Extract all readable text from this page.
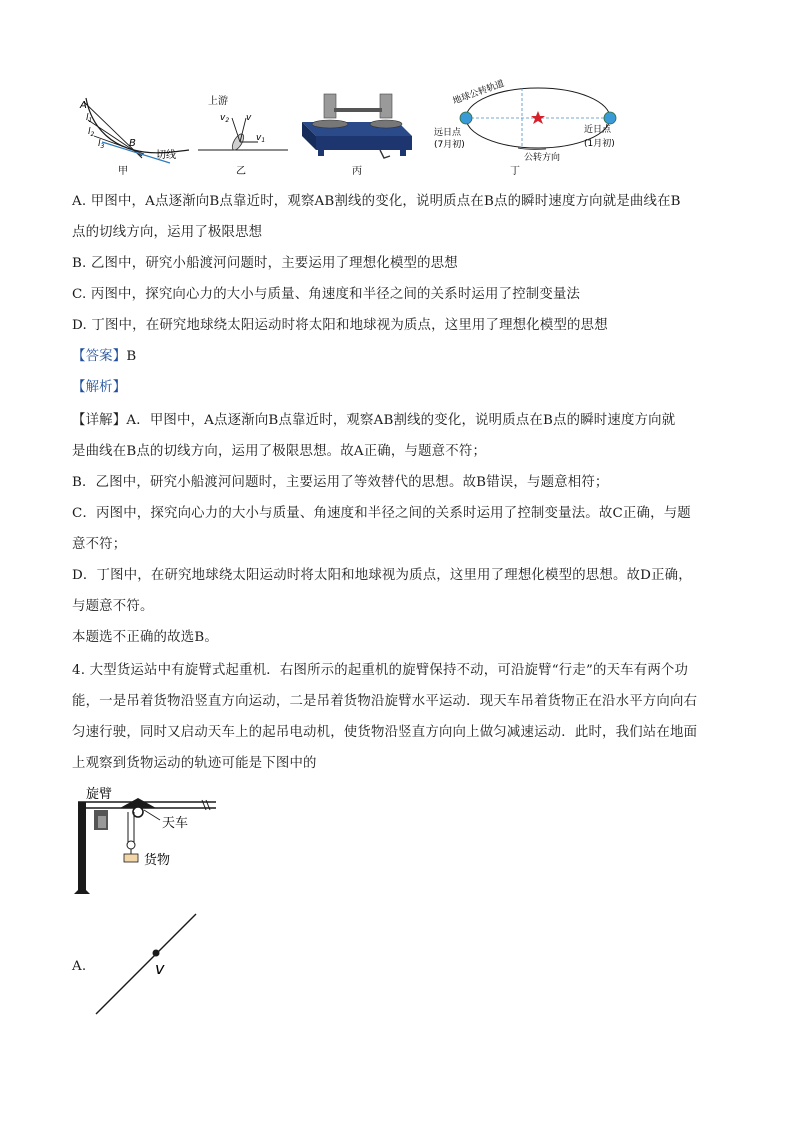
A
B
$l_1$
$l_2$
$l_3$
切线
甲
上游
$v_2$ v
$v_1$
乙	丙
地球公转轨道
远日点
(7月初)
近日点
(1月初)
公转方向
丁
A. 甲图中，A点逐渐向B点靠近时，观察AB割线的变化，说明质点在B点的瞬时速度方向就是曲线在B
点的切线方向，运用了极限思想
B. 乙图中，研究小船渡河问题时，主要运用了理想化模型的思想
C. 丙图中，探究向心力的大小与质量、角速度和半径之间的关系时运用了控制变量法
D. 丁图中，在研究地球绕太阳运动时将太阳和地球视为质点，这里用了理想化模型的思想
【答案】B
【解析】
【详解】A．甲图中，A点逐渐向B点靠近时，观察AB割线的变化，说明质点在B点的瞬时速度方向就
是曲线在B点的切线方向，运用了极限思想。故A正确，与题意不符；
B．乙图中，研究小船渡河问题时，主要运用了等效替代的思想。故B错误，与题意相符；
C．丙图中，探究向心力的大小与质量、角速度和半径之间的关系时运用了控制变量法。故C正确，与题
意不符；
D．丁图中，在研究地球绕太阳运动时将太阳和地球视为质点，这里用了理想化模型的思想。故D正确，
与题意不符。
本题选不正确的故选B。
4. 大型货运站中有旋臂式起重机．右图所示的起重机的旋臂保持不动，可沿旋臂“行走”的天车有两个功
能，一是吊着货物沿竖直方向运动，二是吊着货物沿旋臂水平运动．现天车吊着货物正在沿水平方向向右
匀速行驶，同时又启动天车上的起吊电动机，使货物沿竖直方向向上做匀减速运动．此时，我们站在地面
上观察到货物运动的轨迹可能是下图中的
旋臂
天车
货物
A.	v
